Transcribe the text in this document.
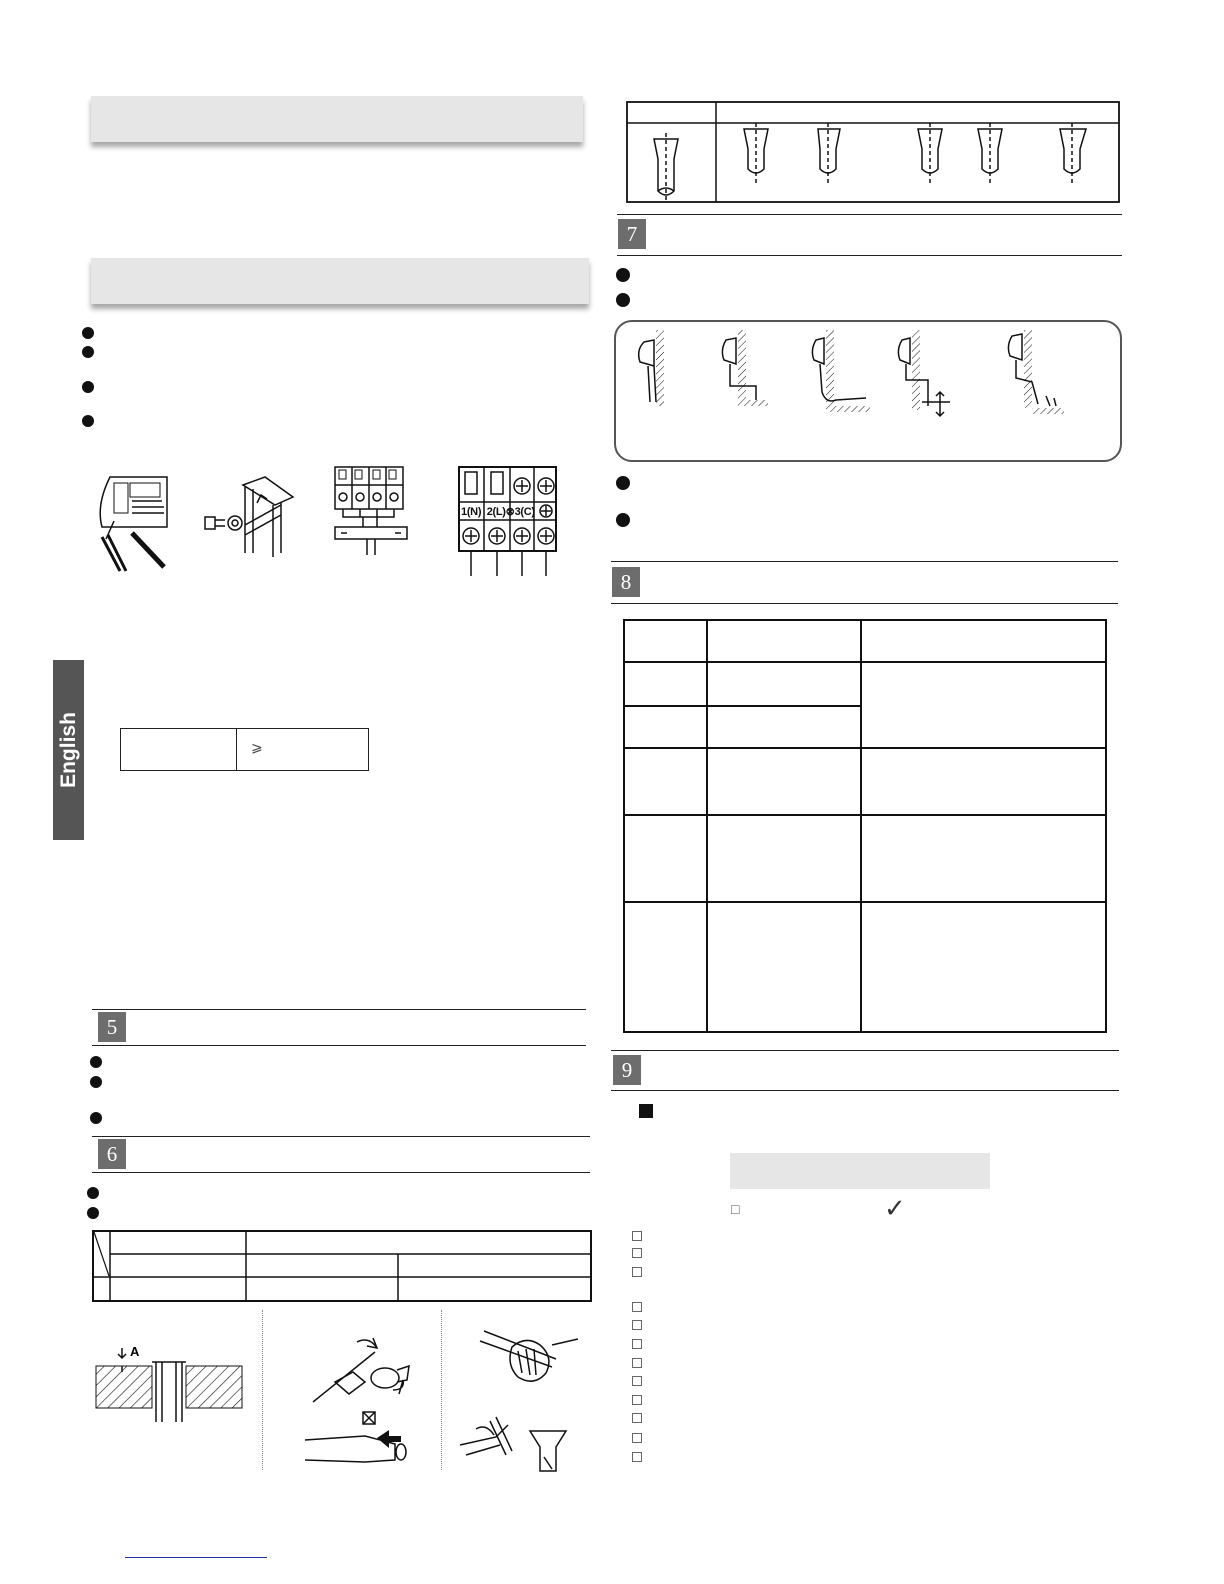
1(N)  2(L)⊗3(C)
English	⩾
5
6
A
7
8
9
□	✓
